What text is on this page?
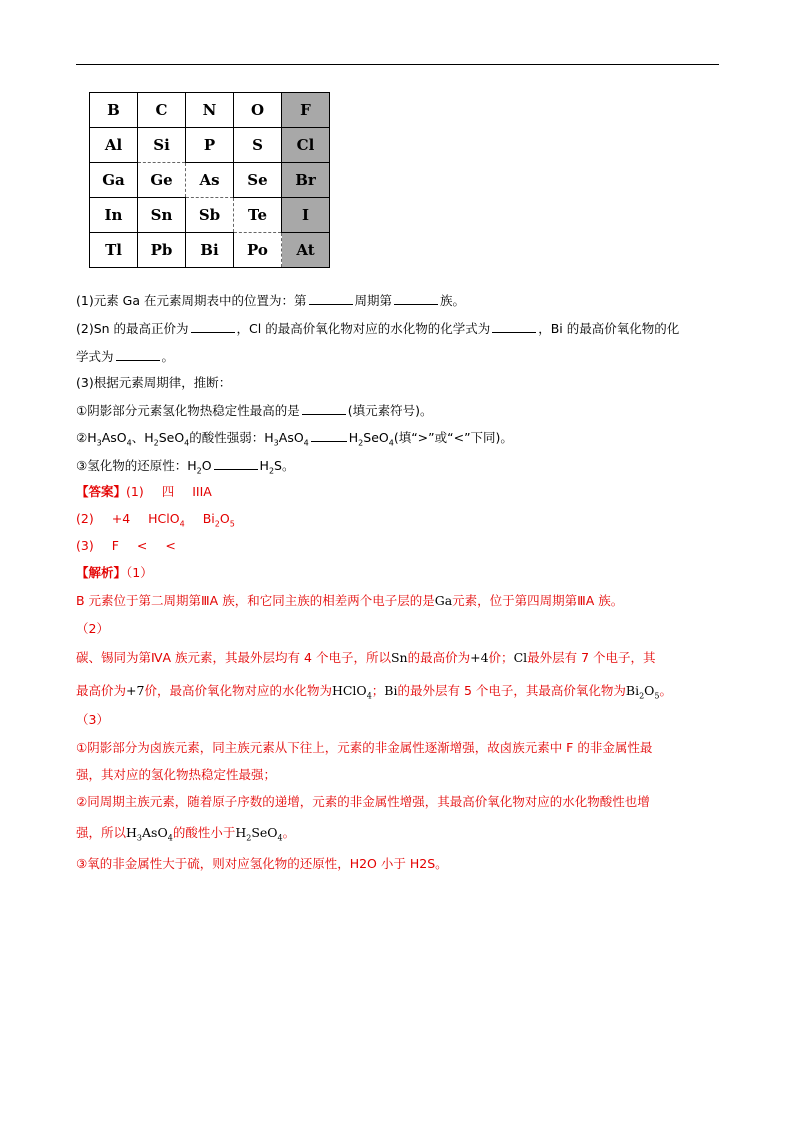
B	C	N	O	F
Al	Si	P	S	Cl
Ga	Ge	As	Se	Br
In	Sn	Sb	Te	I
Tl	Pb	Bi	Po	At
(1)元素 Ga 在元素周期表中的位置为：第	周期第	族。
(2)Sn 的最高正价为	，Cl 的最高价氧化物对应的水化物的化学式为	，Bi 的最高价氧化物的化
学式为	。
(3)根据元素周期律，推断：
①阴影部分元素氢化物热稳定性最高的是	(填元素符号)。
$②H_3AsO_4$、$H_2SeO_4$的酸性强弱：$H_3AsO_4$	$H_2SeO_4$(填“>”或“<”下同)。
③氢化物的还原性：$H_2O$	$H_2S$。
【答案】(1) 四 IIIA
(2) +4 HClO$_4$ $Bi_2O_5$
(3) F < <
【解析】（1）
B 元素位于第二周期第ⅢA 族，和它同主族的相差两个电子层的是Ga元素，位于第四周期第ⅢA 族。
（2）
碳、锡同为第ⅣA 族元素，其最外层均有 4 个电子，所以Sn的最高价为+4价；Cl最外层有 7 个电子，其
最高价为+7价，最高价氧化物对应的水化物为HClO$_4$；Bi的最外层有 5 个电子，其最高价氧化物为$Bi_2O_5$。
（3）
①阴影部分为卤族元素，同主族元素从下往上，元素的非金属性逐渐增强，故卤族元素中 F 的非金属性最
强，其对应的氢化物热稳定性最强；
②同周期主族元素，随着原子序数的递增，元素的非金属性增强，其最高价氧化物对应的水化物酸性也增
强，所以$H_3AsO_4$的酸性小于$H_2SeO_4$。
③氧的非金属性大于硫，则对应氢化物的还原性，H2O 小于 H2S。
